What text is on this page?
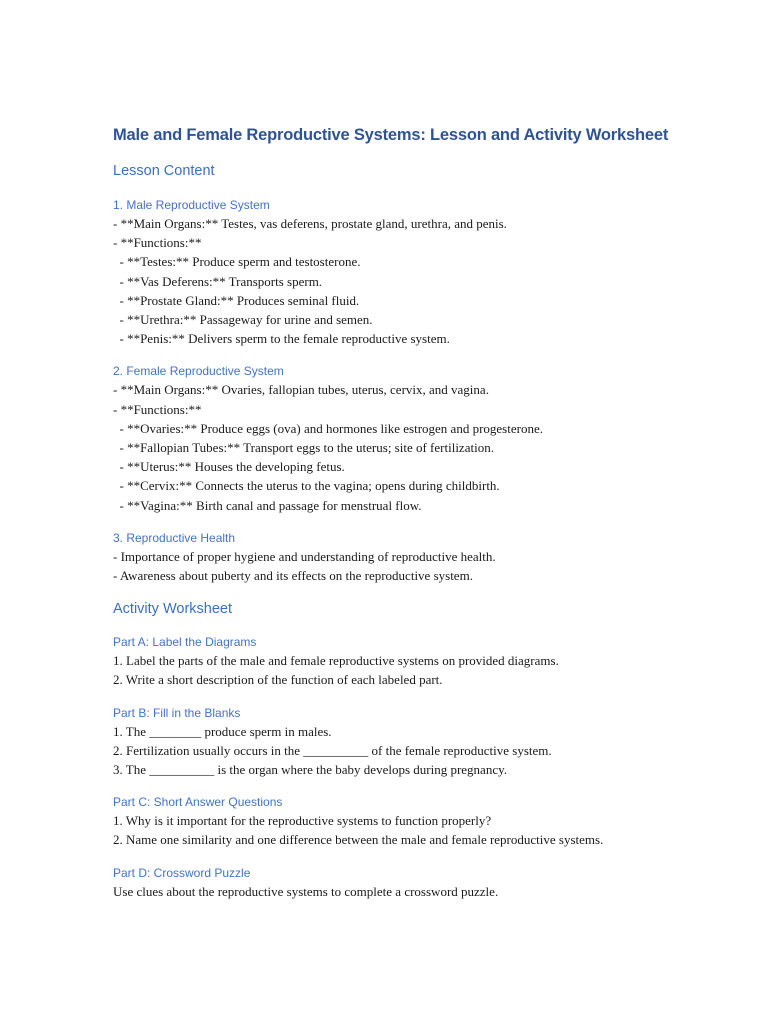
Male and Female Reproductive Systems: Lesson and Activity Worksheet
Lesson Content
1. Male Reproductive System

- **Main Organs:** Testes, vas deferens, prostate gland, urethra, and penis.

- **Functions:**

- **Testes:** Produce sperm and testosterone.

- **Vas Deferens:** Transports sperm.

- **Prostate Gland:** Produces seminal fluid.

- **Urethra:** Passageway for urine and semen.

- **Penis:** Delivers sperm to the female reproductive system.

2. Female Reproductive System

- **Main Organs:** Ovaries, fallopian tubes, uterus, cervix, and vagina.

- **Functions:**

- **Ovaries:** Produce eggs (ova) and hormones like estrogen and progesterone.

- **Fallopian Tubes:** Transport eggs to the uterus; site of fertilization.

- **Uterus:** Houses the developing fetus.

- **Cervix:** Connects the uterus to the vagina; opens during childbirth.

- **Vagina:** Birth canal and passage for menstrual flow.

3. Reproductive Health

- Importance of proper hygiene and understanding of reproductive health.

- Awareness about puberty and its effects on the reproductive system.

Activity Worksheet
Part A: Label the Diagrams

1. Label the parts of the male and female reproductive systems on provided diagrams.

2. Write a short description of the function of each labeled part.

Part B: Fill in the Blanks

1. The ________ produce sperm in males.

2. Fertilization usually occurs in the __________ of the female reproductive system.

3. The __________ is the organ where the baby develops during pregnancy.

Part C: Short Answer Questions

1. Why is it important for the reproductive systems to function properly?

2. Name one similarity and one difference between the male and female reproductive systems.

Part D: Crossword Puzzle

Use clues about the reproductive systems to complete a crossword puzzle.
